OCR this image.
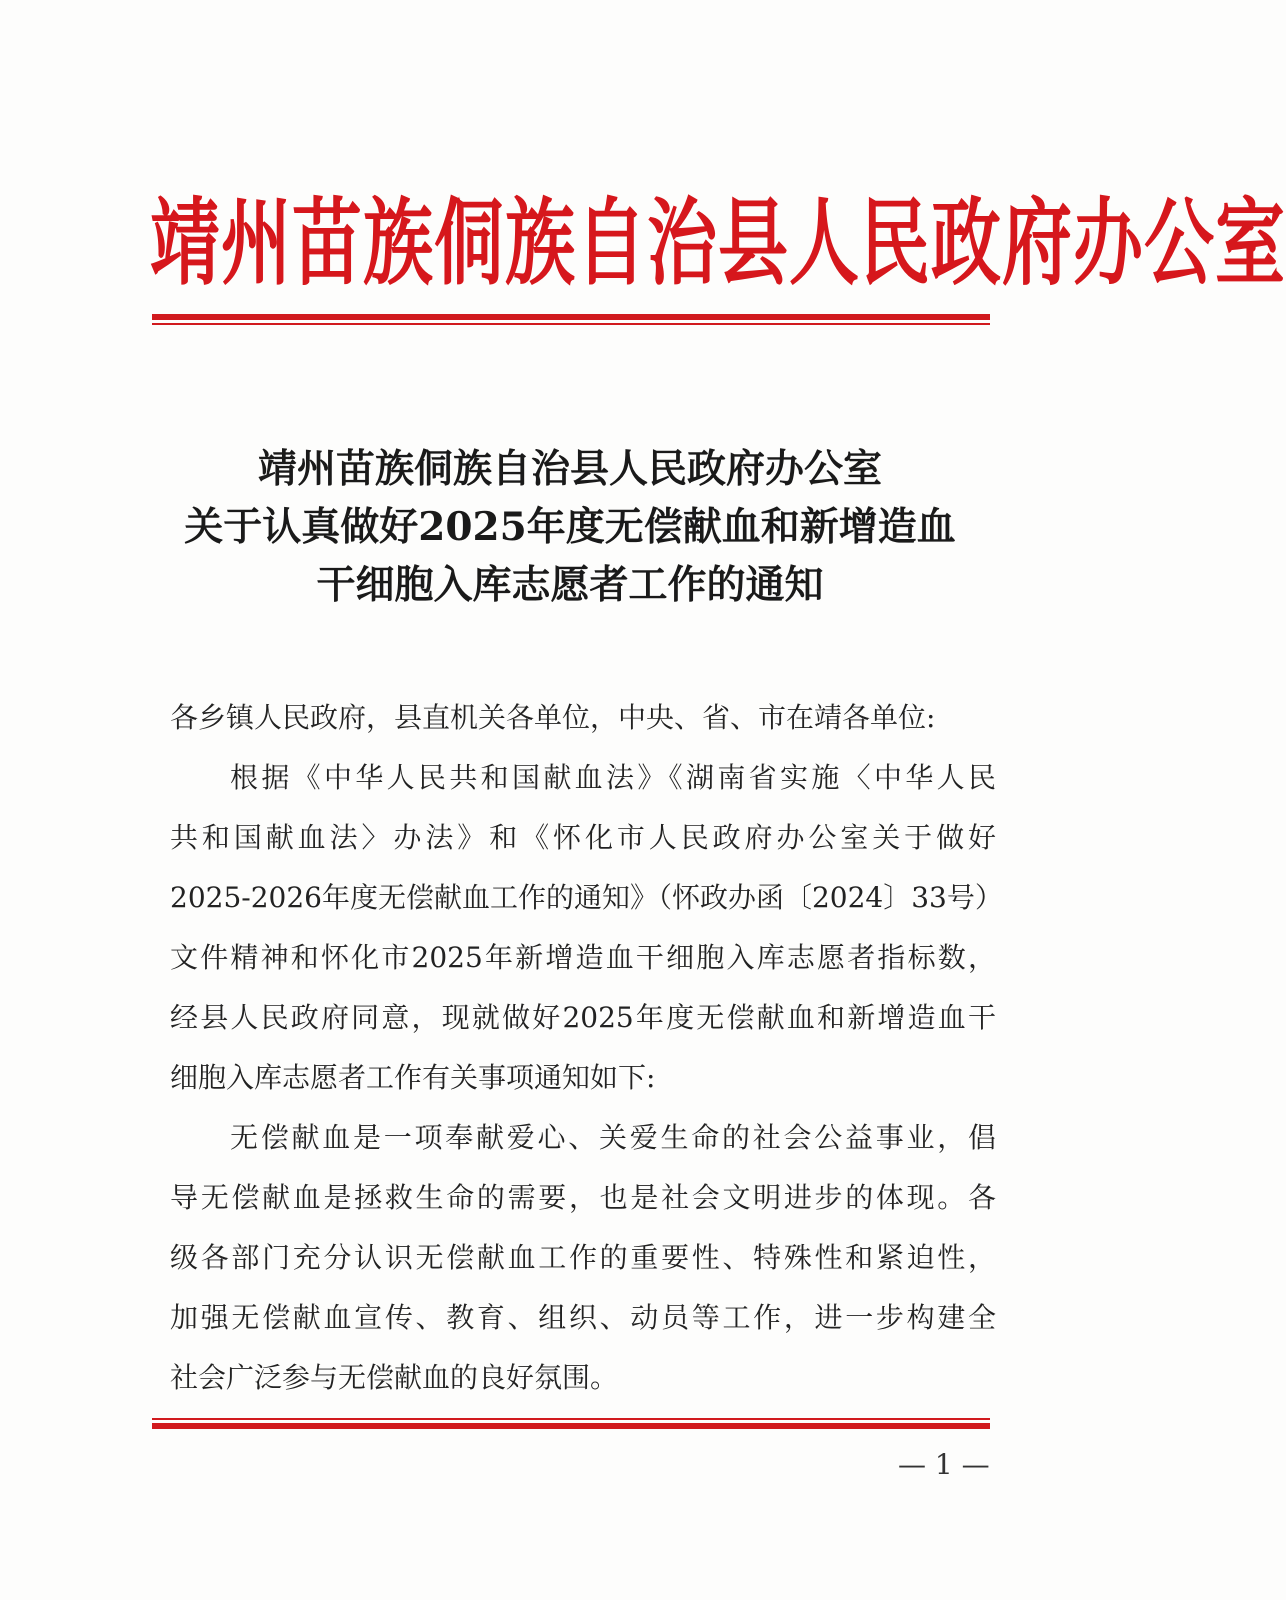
靖州苗族侗族自治县人民政府办公室
靖州苗族侗族自治县人民政府办公室
关于认真做好2025年度无偿献血和新增造血
干细胞入库志愿者工作的通知
各乡镇人民政府，县直机关各单位，中央、省、市在靖各单位:
根据《中华人民共和国献血法》《湖南省实施〈中华人民
共和国献血法〉办法》和《怀化市人民政府办公室关于做好
2025-2026年度无偿献血工作的通知》（怀政办函〔2024〕33号）
文件精神和怀化市2025年新增造血干细胞入库志愿者指标数，
经县人民政府同意，现就做好2025年度无偿献血和新增造血干
细胞入库志愿者工作有关事项通知如下:
无偿献血是一项奉献爱心、关爱生命的社会公益事业，倡
导无偿献血是拯救生命的需要，也是社会文明进步的体现。各
级各部门充分认识无偿献血工作的重要性、特殊性和紧迫性，
加强无偿献血宣传、教育、组织、动员等工作，进一步构建全
社会广泛参与无偿献血的良好氛围。
— 1 —
